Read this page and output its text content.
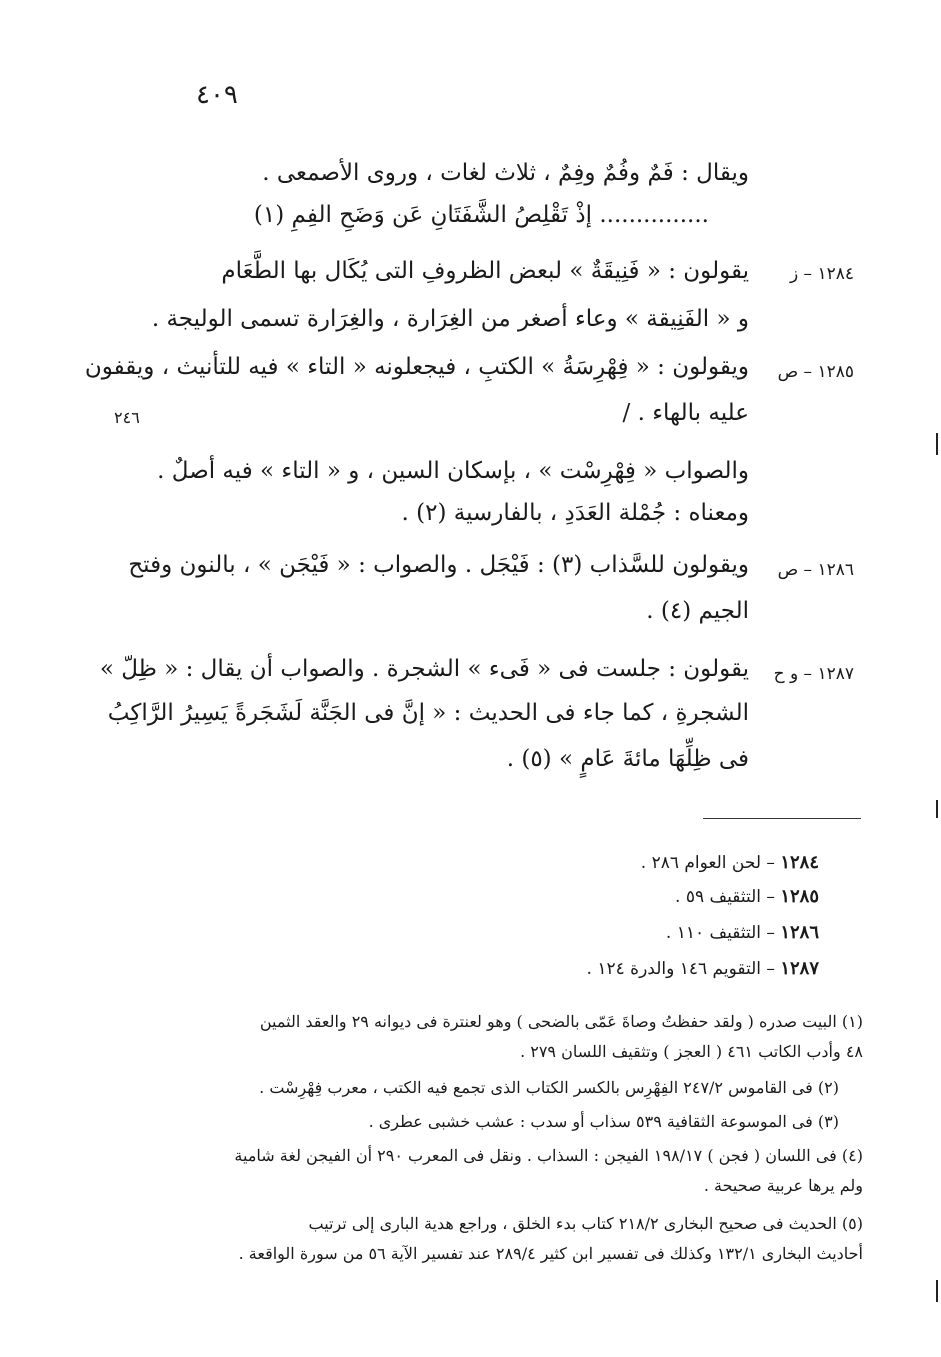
٤٠٩
٢٤٦
ويقال : فَمٌ وفُمٌ وفِمٌ ، ثلاث لغات ، وروى الأصمعى .
............... إذْ تَقْلِصُ الشَّفَتَانِ عَن وَضَحِ الفِمِ (١)
١٢٨٤ – ز
يقولون : « فَنِيقَةٌ » لبعض الظروفِ التى يُكَال بها الطَّعَام
و « الفَنِيقة » وعاء أصغر من الغِرَارة ، والغِرَارة تسمى الوليجة .
١٢٨٥ – ص
ويقولون : « فِهْرِسَةُ » الكتبِ ، فيجعلونه « التاء » فيه للتأنيث ، ويقفون
عليه بالهاء . /
والصواب « فِهْرِسْت » ، بإسكان السين ، و « التاء » فيه أصلٌ .
ومعناه : جُمْلة العَدَدِ ، بالفارسية (٢) .
١٢٨٦ – ص
ويقولون للسَّذاب (٣) : فَيْجَل . والصواب : « فَيْجَن » ، بالنون وفتح
الجيم (٤) .
١٢٨٧ – و ح
يقولون : جلست فى « فَىء » الشجرة . والصواب أن يقال : « ظِلّ »
الشجرةِ ، كما جاء فى الحديث : « إنَّ فى الجَنَّة لَشَجَرةً يَسِيرُ الرَّاكِبُ
فى ظِلِّهَا مائةَ عَامٍ » (٥) .
١٢٨٤ – لحن العوام ٢٨٦ .
١٢٨٥ – التثقيف ٥٩ .
١٢٨٦ – التثقيف ١١٠ .
١٢٨٧ – التقويم ١٤٦ والدرة ١٢٤ .
(١) البيت صدره ( ولقد حفظتُ وصاةَ عَمّى بالضحى ) وهو لعنترة فى ديوانه ٢٩ والعقد الثمين
٤٨ وأدب الكاتب ٤٦١ ( العجز ) وتثقيف اللسان ٢٧٩ .
(٢) فى القاموس ٢٤٧/٢ الفِهْرِس بالكسر الكتاب الذى تجمع فيه الكتب ، معرب فِهْرِسْت .
(٣) فى الموسوعة الثقافية ٥٣٩ سذاب أو سدب : عشب خشبى عطرى .
(٤) فى اللسان ( فجن ) ١٩٨/١٧ الفيجن : السذاب . ونقل فى المعرب ٢٩٠ أن الفيجن لغة شامية
ولم يرها عربية صحيحة .
(٥) الحديث فى صحيح البخارى ٢١٨/٢ كتاب بدء الخلق ، وراجع هدية البارى إلى ترتيب
أحاديث البخارى ١٣٢/١ وكذلك فى تفسير ابن كثير ٢٨٩/٤ عند تفسير الآية ٥٦ من سورة الواقعة .
